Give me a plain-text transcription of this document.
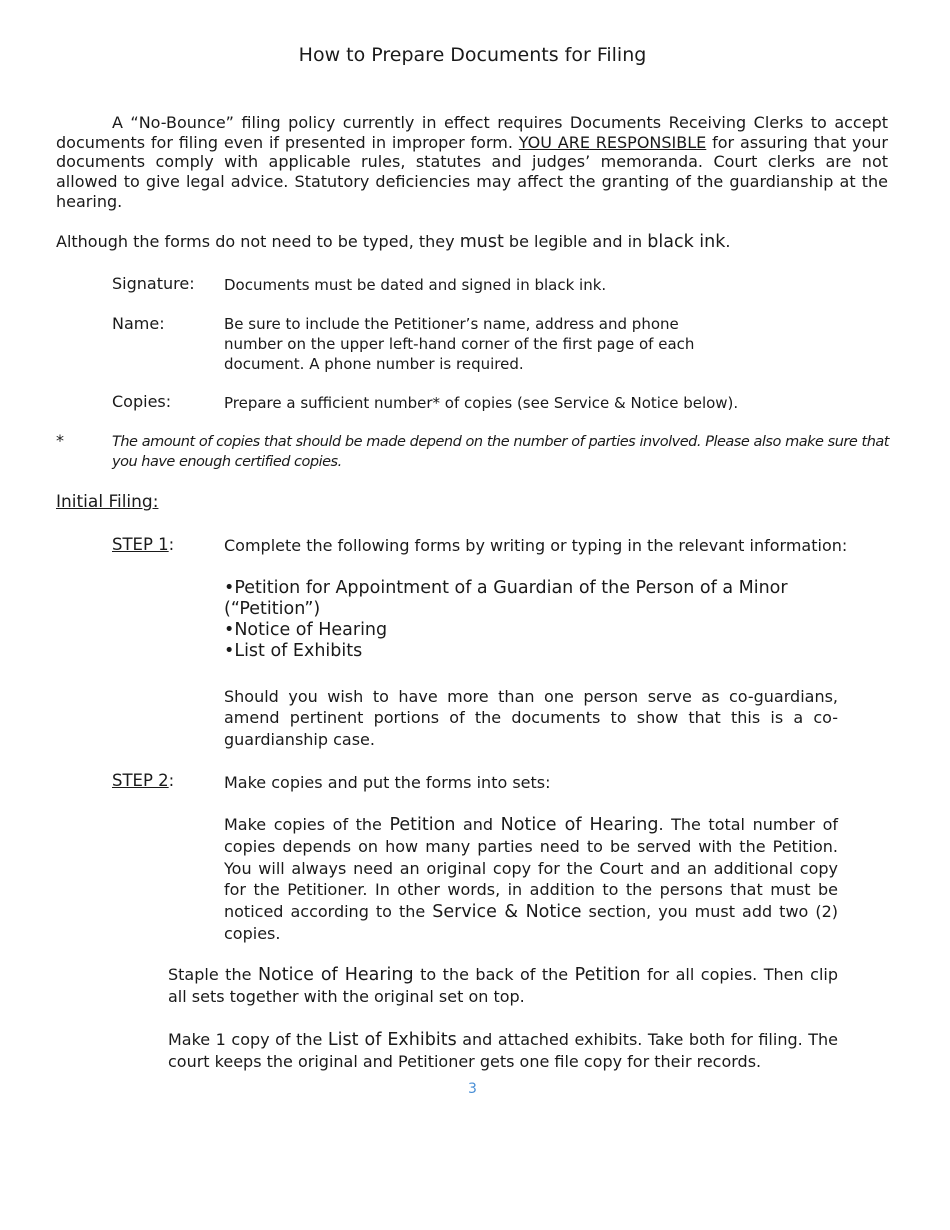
How to Prepare Documents for Filing

A “No-Bounce” filing policy currently in effect requires Documents Receiving Clerks to accept documents for filing even if presented in improper form. YOU ARE RESPONSIBLE for assuring that your documents comply with applicable rules, statutes and judges’ memoranda. Court clerks are not allowed to give legal advice. Statutory deficiencies may affect the granting of the guardianship at the hearing.

Although the forms do not need to be typed, they must be legible and in black ink.

Signature: Documents must be dated and signed in black ink.
Name:	Be sure to include the Petitioner’s name, address and phone
number on the upper left-hand corner of the first page of each
document. A phone number is required.
Copies:	Prepare a sufficient number* of copies (see Service & Notice below).
*	The amount of copies that should be made depend on the number of parties involved. Please also make sure that you have enough certified copies.

Initial Filing:
STEP 1:	Complete the following forms by writing or typing in the relevant information:
•Petition for Appointment of a Guardian of the Person of a Minor
(“Petition”)
•Notice of Hearing
•List of Exhibits

Should you wish to have more than one person serve as co-guardians, amend pertinent portions of the documents to show that this is a co-guardianship case.

STEP 2:	Make copies and put the forms into sets:

Make copies of the Petition and Notice of Hearing. The total number of copies depends on how many parties need to be served with the Petition. You will always need an original copy for the Court and an additional copy for the Petitioner. In other words, in addition to the persons that must be noticed according to the Service & Notice section, you must add two (2) copies.

Staple the Notice of Hearing to the back of the Petition for all copies. Then clip all sets together with the original set on top.

Make 1 copy of the List of Exhibits and attached exhibits. Take both for filing. The court keeps the original and Petitioner gets one file copy for their records.

3
